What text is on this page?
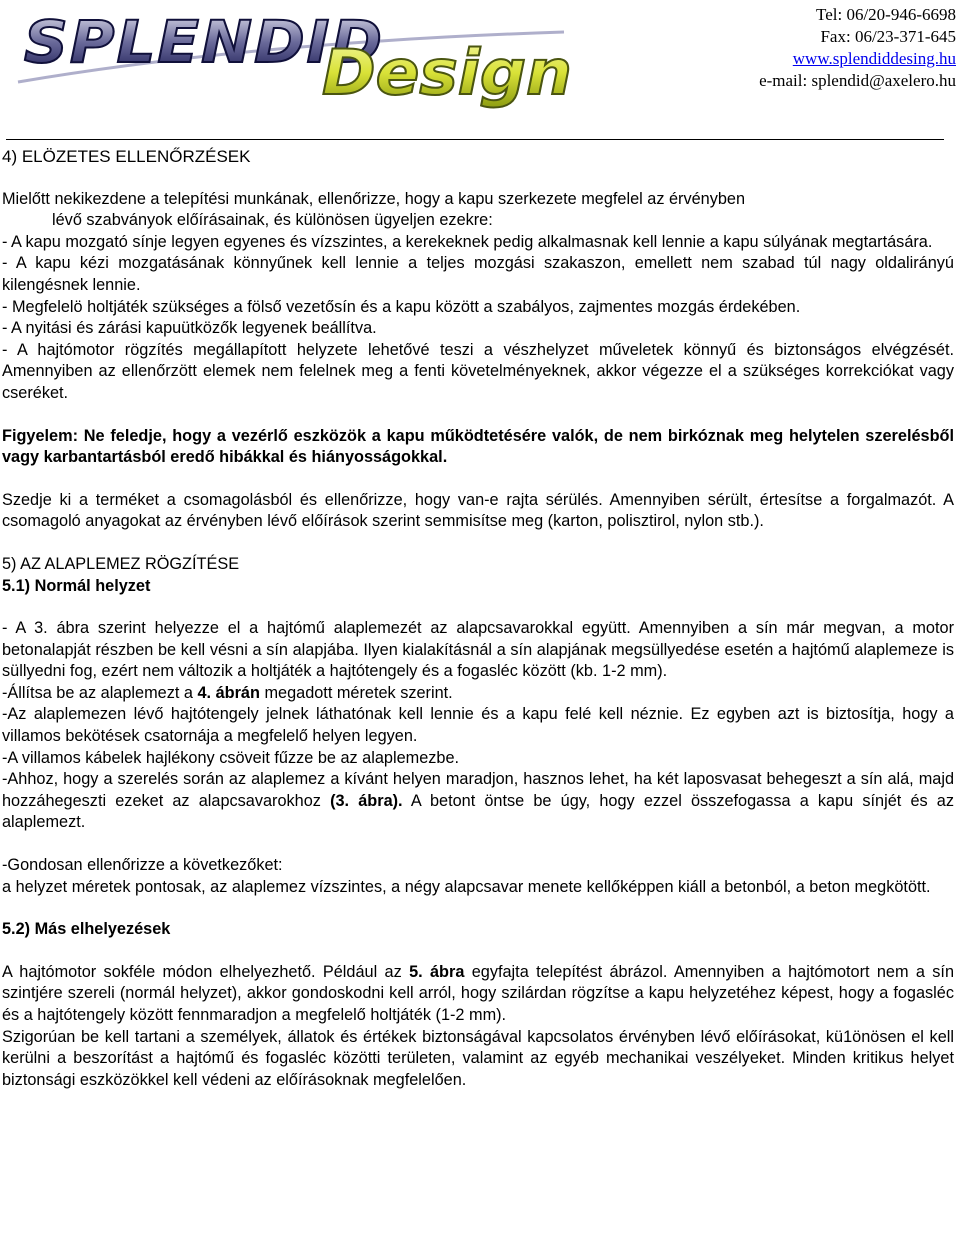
SPLENDID
Design
Tel: 06/20-946-6698
Fax: 06/23-371-645
www.splendiddesing.hu
e-mail: splendid@axelero.hu

4) ELÖZETES ELLENŐRZÉSEK

Mielőtt nekikezdene a telepítési munkának, ellenőrizze, hogy a kapu szerkezete megfelel az érvényben

lévő szabványok előírásainak, és különösen ügyeljen ezekre:

- A kapu mozgató sínje legyen egyenes és vízszintes, a kerekeknek pedig alkalmasnak kell lennie a kapu súlyának megtartására.

- A kapu kézi mozgatásának könnyűnek kell lennie a teljes mozgási szakaszon, emellett nem szabad túl nagy oldalirányú kilengésnek lennie.

- Megfelelö holtjáték szükséges a fölső vezetősín és a kapu között a szabályos, zajmentes mozgás érdekében.

- A nyitási és zárási kapuütközők legyenek beállítva.

- A hajtómotor rögzítés megállapított helyzete lehetővé teszi a vészhelyzet műveletek könnyű és biztonságos elvégzését. Amennyiben az ellenőrzött elemek nem felelnek meg a fenti követelményeknek, akkor végezze el a szükséges korrekciókat vagy cseréket.

Figyelem: Ne feledje, hogy a vezérlő eszközök a kapu működtetésére valók, de nem birkóznak meg helytelen szerelésből vagy karbantartásból eredő hibákkal és hiányosságokkal.

Szedje ki a terméket a csomagolásból és ellenőrizze, hogy van-e rajta sérülés. Amennyiben sérült, értesítse a forgalmazót. A csomagoló anyagokat az érvényben lévő előírások szerint semmisítse meg (karton, polisztirol, nylon stb.).

5) AZ ALAPLEMEZ RÖGZÍTÉSE

5.1) Normál helyzet

- A 3. ábra szerint helyezze el a hajtómű alaplemezét az alapcsavarokkal együtt. Amennyiben a sín már megvan, a motor betonalapját részben be kell vésni a sín alapjába. Ilyen kialakításnál a sín alapjának megsüllyedése esetén a hajtómű alaplemeze is süllyedni fog, ezért nem változik a holtjáték a hajtótengely és a fogasléc között (kb. 1-2 mm).

-Állítsa be az alaplemezt a 4. ábrán megadott méretek szerint.

-Az alaplemezen lévő hajtótengely jelnek láthatónak kell lennie és a kapu felé kell néznie. Ez egyben azt is biztosítja, hogy a villamos bekötések csatornája a megfelelő helyen legyen.

-A villamos kábelek hajlékony csöveit fűzze be az alaplemezbe.

-Ahhoz, hogy a szerelés során az alaplemez a kívánt helyen maradjon, hasznos lehet, ha két laposvasat behegeszt a sín alá, majd hozzáhegeszti ezeket az alapcsavarokhoz (3. ábra). A betont öntse be úgy, hogy ezzel összefogassa a kapu sínjét és az alaplemezt.

-Gondosan ellenőrizze a következőket:

a helyzet méretek pontosak, az alaplemez vízszintes, a négy alapcsavar menete kellőképpen kiáll a betonból, a beton megkötött.

5.2) Más elhelyezések

A hajtómotor sokféle módon elhelyezhető. Például az 5. ábra egyfajta telepítést ábrázol. Amennyiben a hajtómotort nem a sín szintjére szereli (normál helyzet), akkor gondoskodni kell arról, hogy szilárdan rögzítse a kapu helyzetéhez képest, hogy a fogasléc és a hajtótengely között fennmaradjon a megfelelő holtjáték (1-2 mm).

Szigorúan be kell tartani a személyek, állatok és értékek biztonságával kapcsolatos érvényben lévő előírásokat, kü1önösen el kell kerülni a beszorítást a hajtómű és fogasléc közötti területen, valamint az egyéb mechanikai veszélyeket. Minden kritikus helyet biztonsági eszközökkel kell védeni az előírásoknak megfelelően.
